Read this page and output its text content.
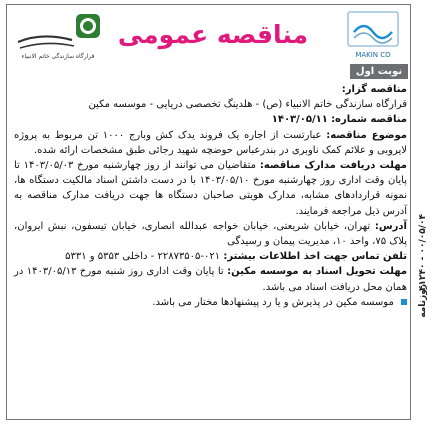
قرارگاه سازندگی خاتم الانبیاء
مناقصه عمومی
MAKIN CO
نوبت اول

مناقصه گزار:

قرارگاه سازندگی خاتم الانبیاء (ص) - هلدینگ تخصصی دریایی - موسسه مکین

مناقصه شماره: ۱۴۰۳/۰۵/۱۱

موضوع مناقصه: عبارتست از اجاره یک فروند یدک کش وبارج ۱۰۰۰ تن مربوط به پروژه لایروبی و علائم کمک ناوبری در بندرعباس حوضچه شهید رجائی طبق مشخصات ارائه شده.

مهلت دریافت مدارک مناقصه: متقاضیان می توانند از روز چهارشنبه مورخ ۱۴۰۳/۰۵/۰۳ تا پایان وقت اداری روز چهارشنبه مورخ ۱۴۰۳/۰۵/۱۰ با در دست داشتن اسناد مالکیت دستگاه ها، نمونه قراردادهای مشابه، مدارک هویتی صاحبان دستگاه ها جهت دریافت مدارک مناقصه به آدرس ذیل مراجعه فرمایند.

آدرس: تهران، خیابان شریعتی، خیابان خواجه عبدالله انصاری، خیابان تیسفون، نبش ایروان، پلاک ۷۵، واحد ۱۰، مدیریت پیمان و رسیدگی

تلفن تماس جهت اخذ اطلاعات بیشتر: ۰۲۱-۲۲۸۷۳۵۰۵ - داخلی ۵۳۵۳ و ۵۳۳۱

مهلت تحویل اسناد به موسسه مکین: تا پایان وقت اداری روز شنبه مورخ ۱۴۰۳/۰۵/۱۳ در همان محل دریافت اسناد می باشد.

موسسه مکین در پذیرش و یا رد پیشنهادها مختار می باشد.

۰۰/۰۵/۰۴ - ۴۱۲۴۰
روزنامه
